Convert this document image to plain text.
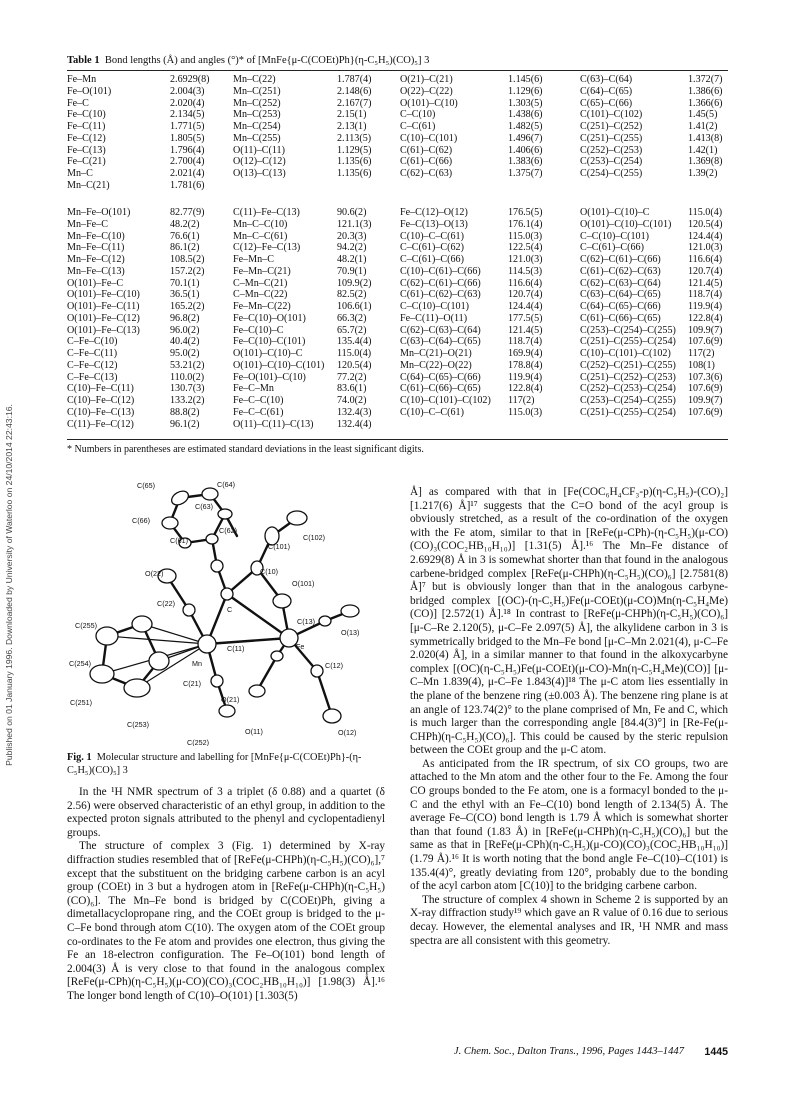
Published on 01 January 1996. Downloaded by University of Waterloo on 24/10/2014 22:43:16.
Table 1 Bond lengths (Å) and angles (°)* of [MnFe{μ-C(COEt)Ph}(η-C₅H₅)(CO)₅] 3
Fe–Mn	2.6929(8)	Mn–C(22)	1.787(4)	O(21)–C(21)	1.145(6)	C(63)–C(64)	1.372(7)
Fe–O(101)	2.004(3)	Mn–C(251)	2.148(6)	O(22)–C(22)	1.129(6)	C(64)–C(65)	1.386(6)
Fe–C	2.020(4)	Mn–C(252)	2.167(7)	O(101)–C(10)	1.303(5)	C(65)–C(66)	1.366(6)
Fe–C(10)	2.134(5)	Mn–C(253)	2.15(1)	C–C(10)	1.438(6)	C(101)–C(102)	1.45(5)
Fe–C(11)	1.771(5)	Mn–C(254)	2.13(1)	C–C(61)	1.482(5)	C(251)–C(252)	1.41(2)
Fe–C(12)	1.805(5)	Mn–C(255)	2.113(5)	C(10)–C(101)	1.496(7)	C(251)–C(255)	1.413(8)
Fe–C(13)	1.796(4)	O(11)–C(11)	1.129(5)	C(61)–C(62)	1.406(6)	C(252)–C(253)	1.42(1)
Fe–C(21)	2.700(4)	O(12)–C(12)	1.135(6)	C(61)–C(66)	1.383(6)	C(253)–C(254)	1.369(8)
Mn–C	2.021(4)	O(13)–C(13)	1.135(6)	C(62)–C(63)	1.375(7)	C(254)–C(255)	1.39(2)
Mn–C(21)	1.781(6)						
Mn–Fe–O(101)	82.77(9)	C(11)–Fe–C(13)	90.6(2)	Fe–C(12)–O(12)	176.5(5)	O(101)–C(10)–C	115.0(4)
Mn–Fe–C	48.2(2)	Mn–C–C(10)	121.1(3)	Fe–C(13)–O(13)	176.1(4)	O(101)–C(10)–C(101)	120.5(4)
Mn–Fe–C(10)	76.6(1)	Mn–C–C(61)	20.3(3)	C(10)–C–C(61)	115.0(3)	C–C(10)–C(101)	124.4(4)
Mn–Fe–C(11)	86.1(2)	C(12)–Fe–C(13)	94.2(2)	C–C(61)–C(62)	122.5(4)	C–C(61)–C(66)	121.0(3)
Mn–Fe–C(12)	108.5(2)	Fe–Mn–C	48.2(1)	C–C(61)–C(66)	121.0(3)	C(62)–C(61)–C(66)	116.6(4)
Mn–Fe–C(13)	157.2(2)	Fe–Mn–C(21)	70.9(1)	C(10)–C(61)–C(66)	114.5(3)	C(61)–C(62)–C(63)	120.7(4)
O(101)–Fe–C	70.1(1)	C–Mn–C(21)	109.9(2)	C(62)–C(61)–C(66)	116.6(4)	C(62)–C(63)–C(64)	121.4(5)
O(101)–Fe–C(10)	36.5(1)	C–Mn–C(22)	82.5(2)	C(61)–C(62)–C(63)	120.7(4)	C(63)–C(64)–C(65)	118.7(4)
O(101)–Fe–C(11)	165.2(2)	Fe–Mn–C(22)	106.6(1)	C–C(10)–C(101)	124.4(4)	C(64)–C(65)–C(66)	119.9(4)
O(101)–Fe–C(12)	96.8(2)	Fe–C(10)–O(101)	66.3(2)	Fe–C(11)–O(11)	177.5(5)	C(61)–C(66)–C(65)	122.8(4)
O(101)–Fe–C(13)	96.0(2)	Fe–C(10)–C	65.7(2)	C(62)–C(63)–C(64)	121.4(5)	C(253)–C(254)–C(255)	109.9(7)
C–Fe–C(10)	40.4(2)	Fe–C(10)–C(101)	135.4(4)	C(63)–C(64)–C(65)	118.7(4)	C(251)–C(255)–C(254)	107.6(9)
C–Fe–C(11)	95.0(2)	O(101)–C(10)–C	115.0(4)	Mn–C(21)–O(21)	169.9(4)	C(10)–C(101)–C(102)	117(2)
C–Fe–C(12)	53.21(2)	O(101)–C(10)–C(101)	120.5(4)	Mn–C(22)–O(22)	178.8(4)	C(252)–C(251)–C(255)	108(1)
C–Fe–C(13)	110.0(2)	Fe–O(101)–C(10)	77.2(2)	C(64)–C(65)–C(66)	119.9(4)	C(251)–C(252)–C(253)	107.3(6)
C(10)–Fe–C(11)	130.7(3)	Fe–C–Mn	83.6(1)	C(61)–C(66)–C(65)	122.8(4)	C(252)–C(253)–C(254)	107.6(9)
C(10)–Fe–C(12)	133.2(2)	Fe–C–C(10)	74.0(2)	C(10)–C(101)–C(102)	117(2)	C(253)–C(254)–C(255)	109.9(7)
C(10)–Fe–C(13)	88.8(2)	Fe–C–C(61)	132.4(3)	C(10)–C–C(61)	115.0(3)	C(251)–C(255)–C(254)	107.6(9)
C(11)–Fe–C(12)	96.1(2)	O(11)–C(11)–C(13)	132.4(4)				
* Numbers in parentheses are estimated standard deviations in the least significant digits.
C(65)	C(64)
C(63)
C(66)
C(102)
C(101)
C(62)
C(61)
C(10)
O(22)
O(101)
C(22)
C
C(255)	C(13)
O(13)
Fe
C(254)	Mn
C(11)
C(251)
C(21)
C(12)
O(21)
C(253)
C(252)
O(11)	O(12)
Fig. 1 Molecular structure and labelling for [MnFe{μ-C(COEt)Ph}-(η-C₅H₅)(CO)₅] 3

In the ¹H NMR spectrum of 3 a triplet (δ 0.88) and a quartet (δ 2.56) were observed characteristic of an ethyl group, in addition to the expected proton signals attributed to the phenyl and cyclopentadienyl groups.

The structure of complex 3 (Fig. 1) determined by X-ray diffraction studies resembled that of [ReFe(μ-CHPh)(η-C₅H₅)(CO)₆],⁷ except that the substituent on the bridging carbene carbon is an acyl group (COEt) in 3 but a hydrogen atom in [ReFe(μ-CHPh)(η-C₅H₅)(CO)₆]. The Mn–Fe bond is bridged by C(COEt)Ph, giving a dimetallacyclopropane ring, and the COEt group is bridged to the μ-C–Fe bond through atom C(10). The oxygen atom of the COEt group co-ordinates to the Fe atom and provides one electron, thus giving the Fe an 18-electron configuration. The Fe–O(101) bond length of 2.004(3) Å is very close to that found in the analogous complex [ReFe(μ-CPh)(η-C₅H₅)(μ-CO)(CO)₃(COC₂HB₁₀H₁₀)] [1.98(3) Å].¹⁶ The longer bond length of C(10)–O(101) [1.303(5)

Å] as compared with that in [Fe(COC₆H₄CF₃-p)(η-C₅H₅)-(CO)₂] [1.217(6) Å]¹⁷ suggests that the C=O bond of the acyl group is obviously stretched, as a result of the co-ordination of the oxygen with the Fe atom, similar to that in [ReFe(μ-CPh)-(η-C₅H₅)(μ-CO)(CO)₃(COC₂HB₁₀H₁₀)] [1.31(5) Å].¹⁶ The Mn–Fe distance of 2.6929(8) Å in 3 is somewhat shorter than that found in the analogous carbene-bridged complex [ReFe(μ-CHPh)(η-C₅H₅)(CO)₆] [2.7581(8) Å]⁷ but is obviously longer than that in the analogous carbyne-bridged complex [(OC)-(η-C₅H₅)Fe(μ-COEt)(μ-CO)Mn(η-C₅H₄Me)(CO)] [2.572(1) Å].¹⁸ In contrast to [ReFe(μ-CHPh)(η-C₅H₅)(CO)₆] [μ-C–Re 2.120(5), μ-C–Fe 2.097(5) Å], the alkylidene carbon in 3 is symmetrically bridged to the Mn–Fe bond [μ-C–Mn 2.021(4), μ-C–Fe 2.020(4) Å], in a similar manner to that found in the alkoxycarbyne complex [(OC)(η-C₅H₅)Fe(μ-COEt)(μ-CO)-Mn(η-C₅H₄Me)(CO)] [μ-C–Mn 1.839(4), μ-C–Fe 1.843(4)]¹⁸ The μ-C atom lies essentially in the plane of the benzene ring (±0.003 Å). The benzene ring plane is at an angle of 123.74(2)° to the plane comprised of Mn, Fe and C, which is much larger than the corresponding angle [84.4(3)°] in [Re-Fe(μ-CHPh)(η-C₅H₅)(CO)₆]. This could be caused by the steric repulsion between the COEt group and the μ-C atom.

As anticipated from the IR spectrum, of six CO groups, two are attached to the Mn atom and the other four to the Fe. Among the four CO groups bonded to the Fe atom, one is a formacyl bonded to the μ-C and the ethyl with an Fe–C(10) bond length of 2.134(5) Å. The average Fe–C(CO) bond length is 1.79 Å which is somewhat shorter than that found (1.83 Å) in [ReFe(μ-CHPh)(η-C₅H₅)(CO)₆] but the same as that in [ReFe(μ-CPh)(η-C₅H₅)(μ-CO)(CO)₃(COC₂HB₁₀H₁₀)] (1.79 Å).¹⁶ It is worth noting that the bond angle Fe–C(10)–C(101) is 135.4(4)°, greatly deviating from 120°, probably due to the bonding of the acyl carbon atom [C(10)] to the bridging carbene carbon.

The structure of complex 4 shown in Scheme 2 is supported by an X-ray diffraction study¹⁹ which gave an R value of 0.16 due to serious decay. However, the elemental analyses and IR, ¹H NMR and mass spectra are all consistent with this geometry.

J. Chem. Soc., Dalton Trans., 1996, Pages 1443–1447 1445
